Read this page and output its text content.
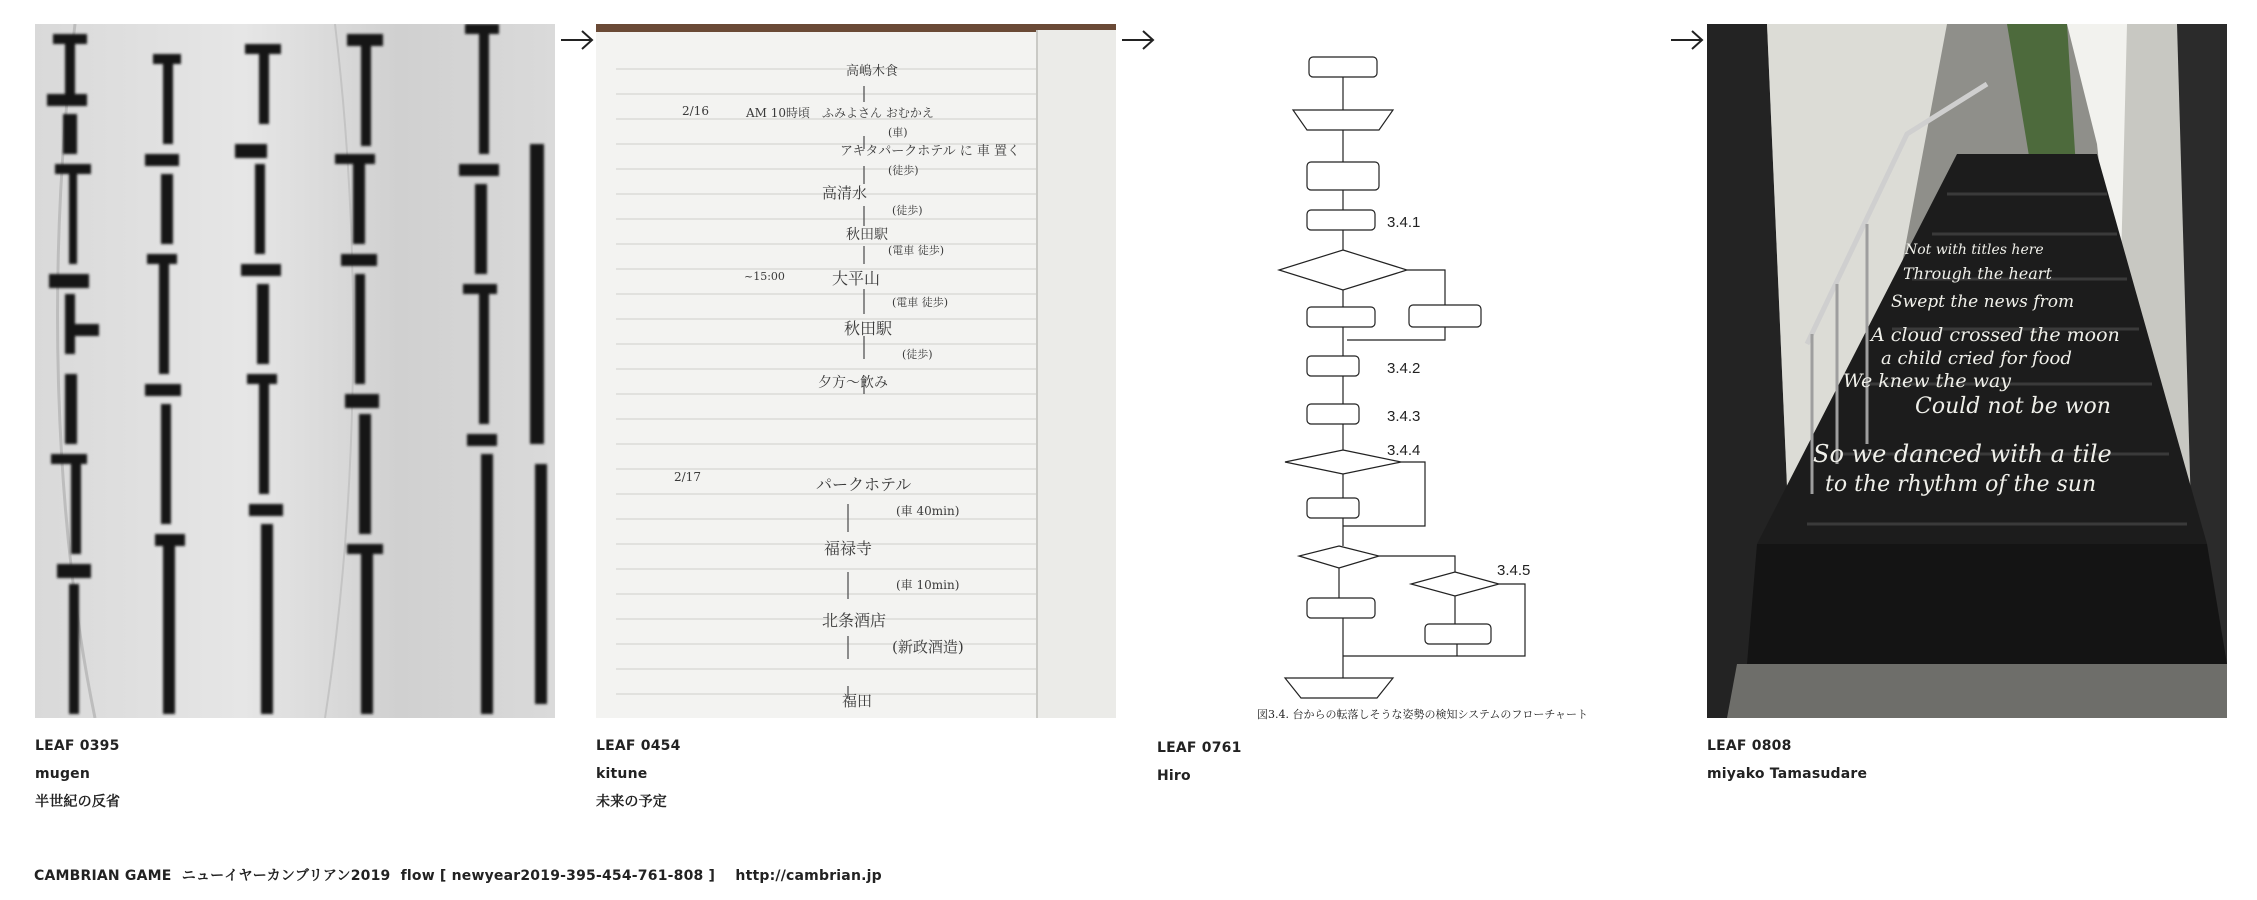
LEAF 0395
mugen
半世紀の反省
高嶋木食
2/16	AM 10時頃　ふみよさん おむかえ
(車)
アキタパークホテル に 車 置く
(徒歩)
高清水
(徒歩)
秋田駅
(電車 徒歩)
~15:00	大平山
(電車 徒歩)
秋田駅
(徒歩)
夕方〜飲み
2/17	パークホテル
(車 40min)
福禄寺
(車 10min)
北条酒店
(新政酒造)
福田
LEAF 0454
kitune
未来の予定
3.4.1
3.4.2
3.4.3
3.4.4
3.4.5
図3.4. 台からの転落しそうな姿勢の検知システムのフローチャート
LEAF 0761
Hiro
Not with titles here
Through the heart
Swept the news from
A cloud crossed the moon
a child cried for food
We knew the way
Could not be won
So we danced with a tile
to the rhythm of the sun
LEAF 0808
miyako Tamasudare
CAMBRIAN GAME  ニューイヤーカンブリアン2019  flow [ newyear2019-395-454-761-808 ]    http://cambrian.jp
